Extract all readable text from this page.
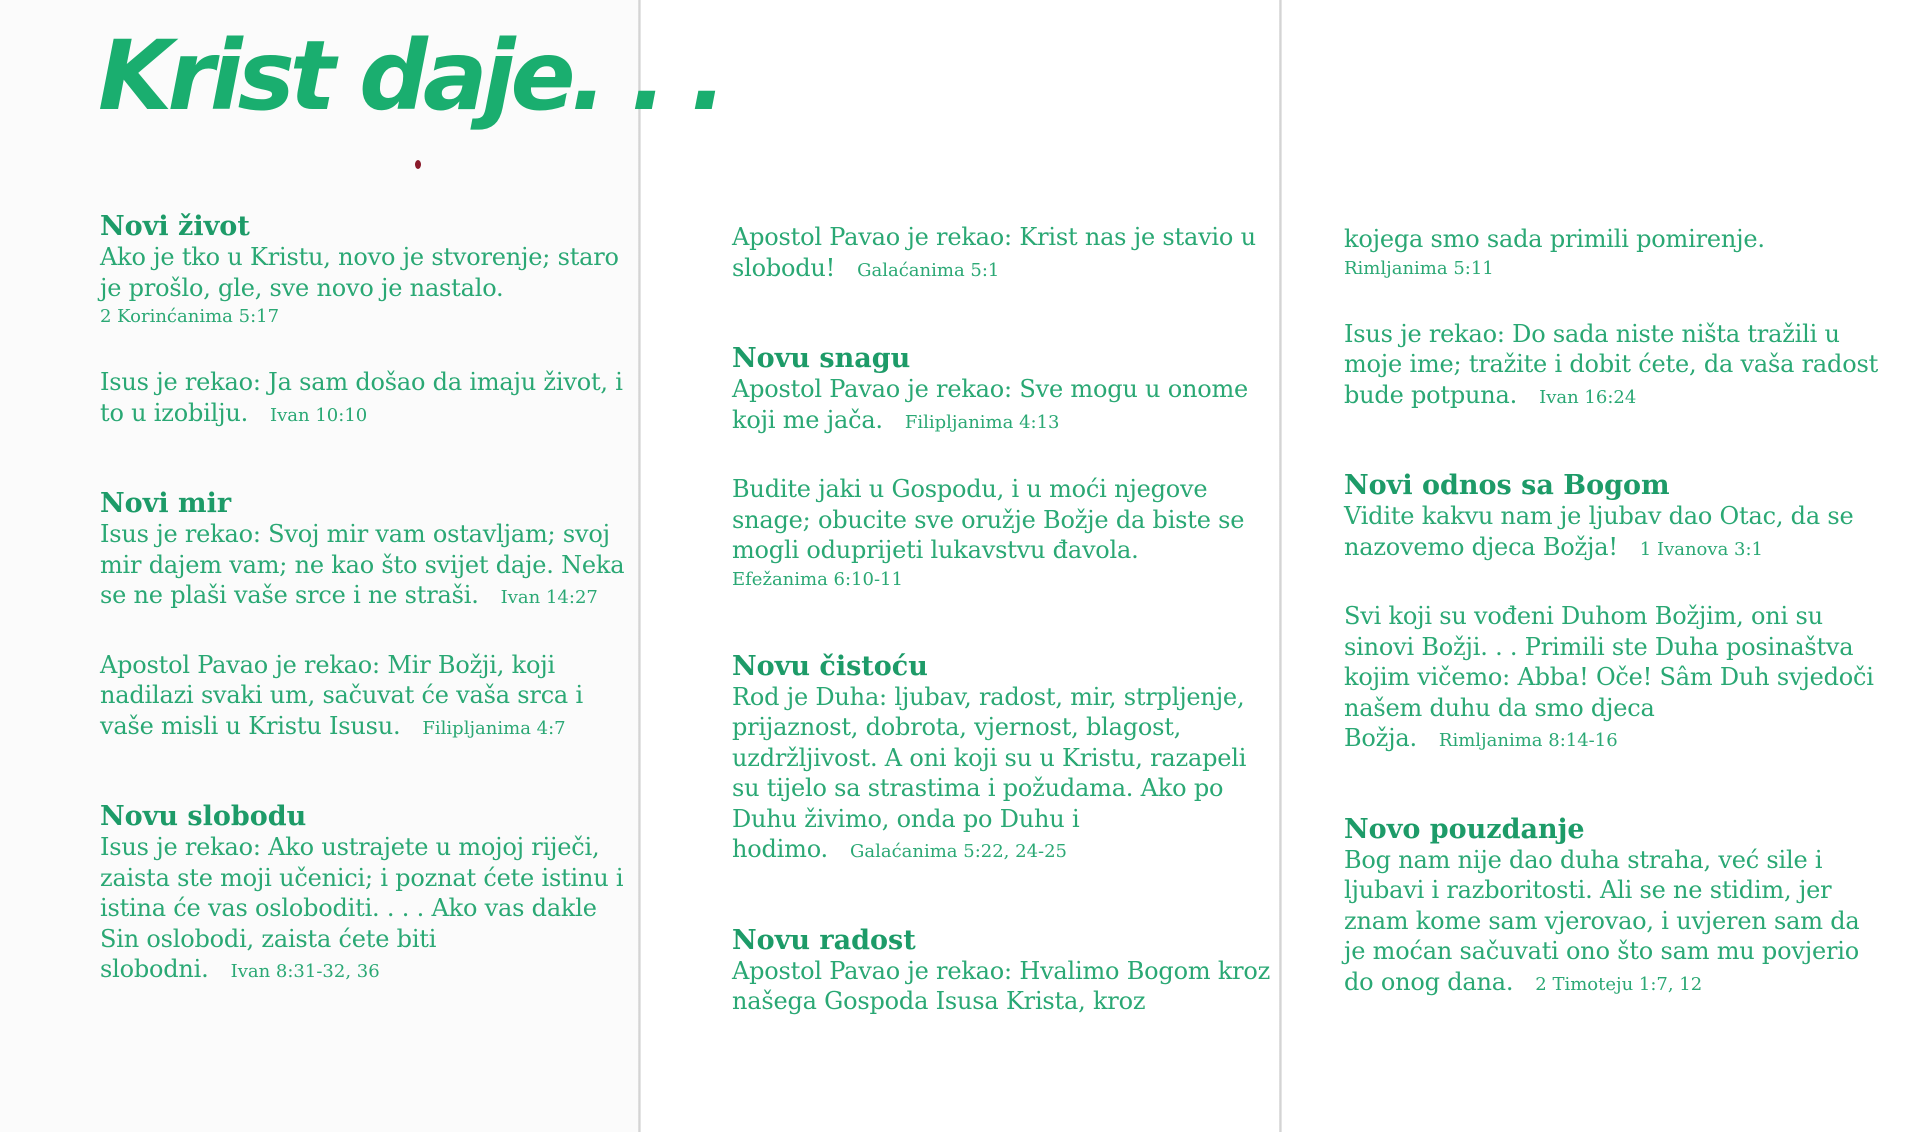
Krist daje. . .

Novi život

Ako je tko u Kristu, novo je stvorenje; staro je prošlo, gle, sve novo je nastalo.
2 Korinćanima 5:17

Isus je rekao: Ja sam došao da imaju život, i to u izobilju. Ivan 10:10

Novi mir

Isus je rekao: Svoj mir vam ostavljam; svoj mir dajem vam; ne kao što svijet daje. Neka se ne plaši vaše srce i ne straši. Ivan 14:27

Apostol Pavao je rekao: Mir Božji, koji nadilazi svaki um, sačuvat će vaša srca i vaše misli u Kristu Isusu. Filipljanima 4:7

Novu slobodu

Isus je rekao: Ako ustrajete u mojoj riječi, zaista ste moji učenici; i poznat ćete istinu i istina će vas osloboditi. . . . Ako vas dakle Sin oslobodi, zaista ćete biti slobodni. Ivan 8:31-32, 36

Apostol Pavao je rekao: Krist nas je stavio u slobodu! Galaćanima 5:1

Novu snagu

Apostol Pavao je rekao: Sve mogu u onome koji me jača. Filipljanima 4:13

Budite jaki u Gospodu, i u moći njegove snage; obucite sve oružje Božje da biste se mogli oduprijeti lukavstvu đavola.
Efežanima 6:10-11

Novu čistoću

Rod je Duha: ljubav, radost, mir, strpljenje, prijaznost, dobrota, vjernost, blagost, uzdržljivost. A oni koji su u Kristu, razapeli su tijelo sa strastima i požudama. Ako po Duhu živimo, onda po Duhu i hodimo. Galaćanima 5:22, 24-25

Novu radost

Apostol Pavao je rekao: Hvalimo Bogom kroz našega Gospoda Isusa Krista, kroz

kojega smo sada primili pomirenje.
Rimljanima 5:11

Isus je rekao: Do sada niste ništa tražili u moje ime; tražite i dobit ćete, da vaša radost bude potpuna. Ivan 16:24

Novi odnos sa Bogom

Vidite kakvu nam je ljubav dao Otac, da se nazovemo djeca Božja! 1 Ivanova 3:1

Svi koji su vođeni Duhom Božjim, oni su sinovi Božji. . . Primili ste Duha posinaštva kojim vičemo: Abba! Oče! Sâm Duh svjedoči našem duhu da smo djeca Božja. Rimljanima 8:14-16

Novo pouzdanje

Bog nam nije dao duha straha, već sile i ljubavi i razboritosti. Ali se ne stidim, jer znam kome sam vjerovao, i uvjeren sam da je moćan sačuvati ono što sam mu povjerio do onog dana. 2 Timoteju 1:7, 12
